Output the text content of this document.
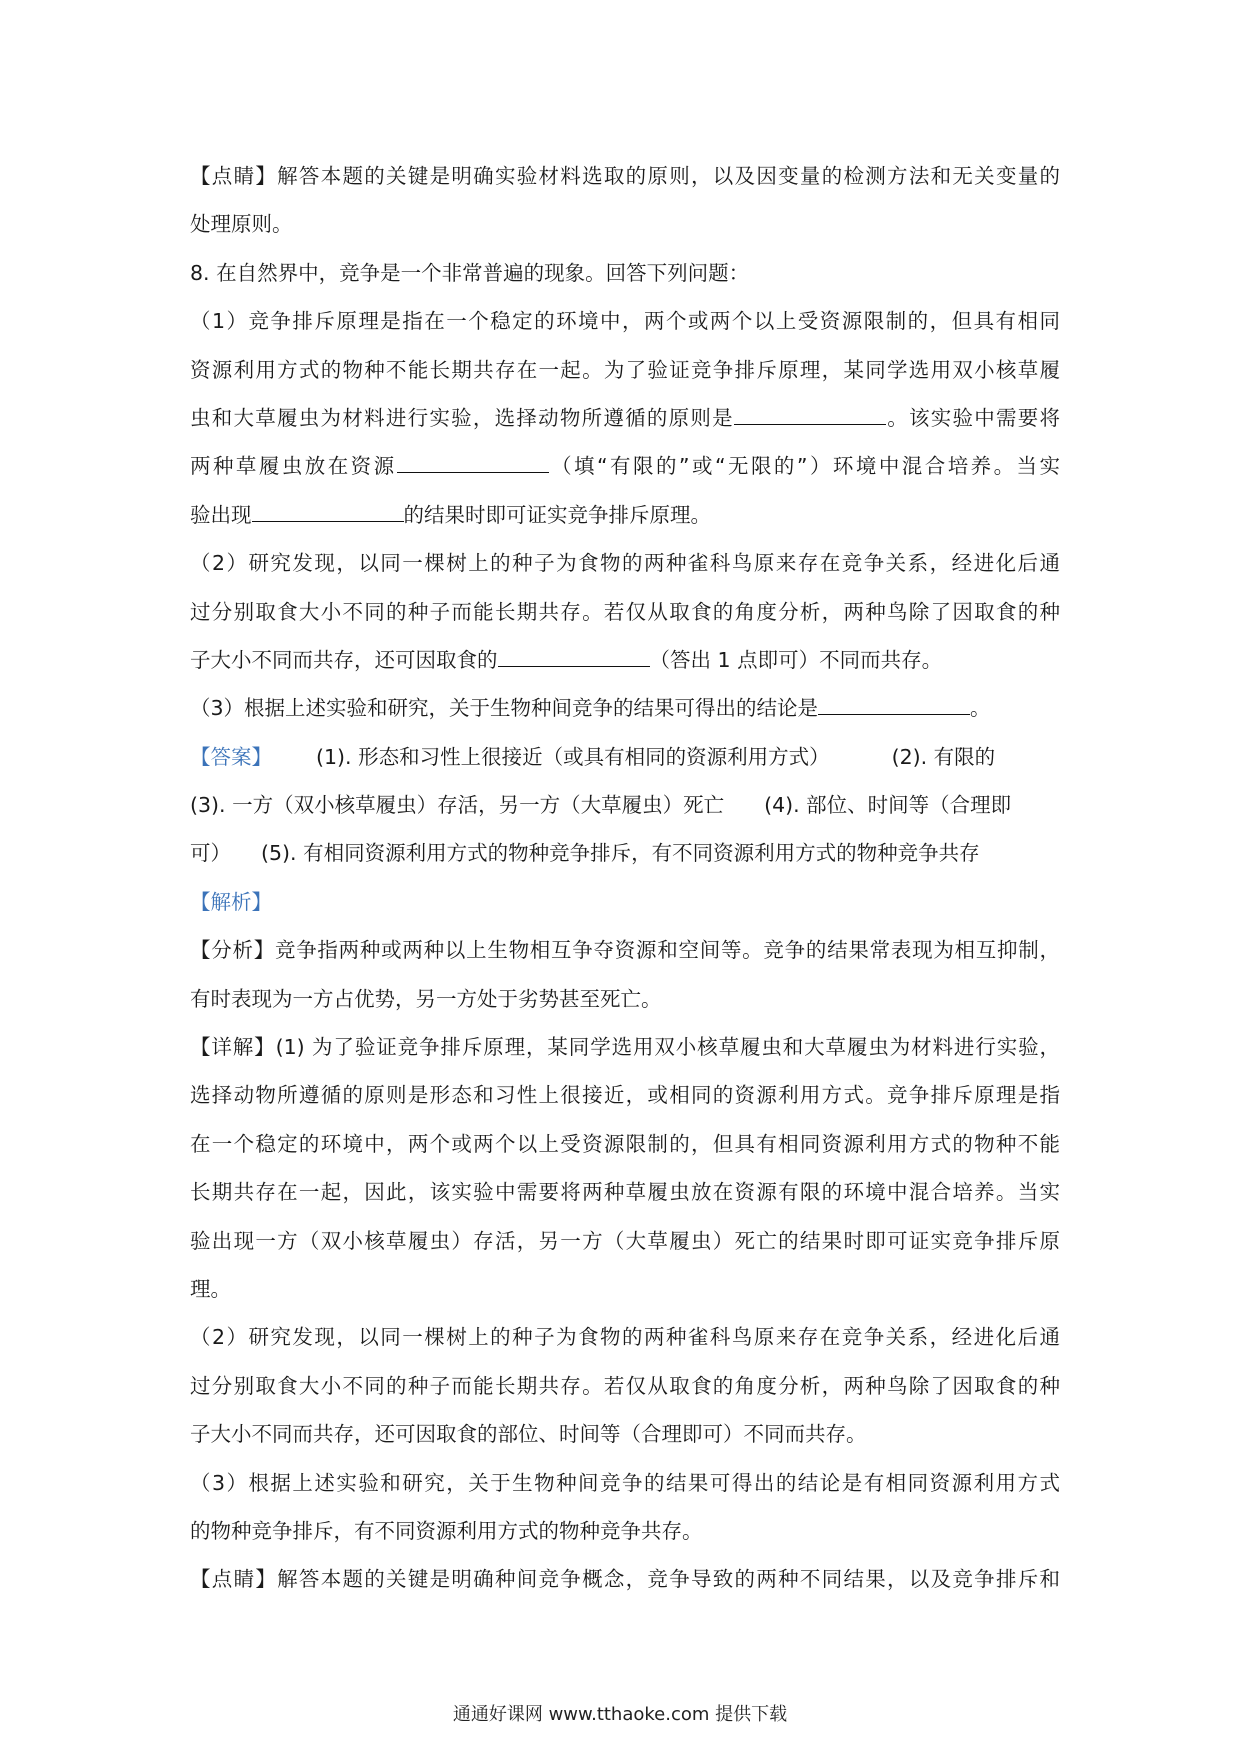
【点睛】解答本题的关键是明确实验材料选取的原则，以及因变量的检测方法和无关变量的
处理原则。
8. 在自然界中，竞争是一个非常普遍的现象。回答下列问题：
（1）竞争排斥原理是指在一个稳定的环境中，两个或两个以上受资源限制的，但具有相同
资源利用方式的物种不能长期共存在一起。为了验证竞争排斥原理，某同学选用双小核草履
虫和大草履虫为材料进行实验，选择动物所遵循的原则是	。该实验中需要将
两种草履虫放在资源	（填“有限的”或“无限的”）环境中混合培养。当实
验出现	的结果时即可证实竞争排斥原理。
（2）研究发现，以同一棵树上的种子为食物的两种雀科鸟原来存在竞争关系，经进化后通
过分别取食大小不同的种子而能长期共存。若仅从取食的角度分析，两种鸟除了因取食的种
子大小不同而共存，还可因取食的	（答出 1 点即可）不同而共存。
（3）根据上述实验和研究，关于生物种间竞争的结果可得出的结论是	。
【答案】 (1). 形态和习性上很接近（或具有相同的资源利用方式）	(2). 有限的
(3). 一方（双小核草履虫）存活，另一方（大草履虫）死亡 (4). 部位、时间等（合理即
可） (5). 有相同资源利用方式的物种竞争排斥，有不同资源利用方式的物种竞争共存
【解析】
【分析】竞争指两种或两种以上生物相互争夺资源和空间等。竞争的结果常表现为相互抑制，
有时表现为一方占优势，另一方处于劣势甚至死亡。
【详解】(1) 为了验证竞争排斥原理，某同学选用双小核草履虫和大草履虫为材料进行实验，
选择动物所遵循的原则是形态和习性上很接近，或相同的资源利用方式。竞争排斥原理是指
在一个稳定的环境中，两个或两个以上受资源限制的，但具有相同资源利用方式的物种不能
长期共存在一起，因此，该实验中需要将两种草履虫放在资源有限的环境中混合培养。当实
验出现一方（双小核草履虫）存活，另一方（大草履虫）死亡的结果时即可证实竞争排斥原
理。
（2）研究发现，以同一棵树上的种子为食物的两种雀科鸟原来存在竞争关系，经进化后通
过分别取食大小不同的种子而能长期共存。若仅从取食的角度分析，两种鸟除了因取食的种
子大小不同而共存，还可因取食的部位、时间等（合理即可）不同而共存。
（3）根据上述实验和研究，关于生物种间竞争的结果可得出的结论是有相同资源利用方式
的物种竞争排斥，有不同资源利用方式的物种竞争共存。
【点睛】解答本题的关键是明确种间竞争概念，竞争导致的两种不同结果，以及竞争排斥和
通通好课网 www.tthaoke.com 提供下载
